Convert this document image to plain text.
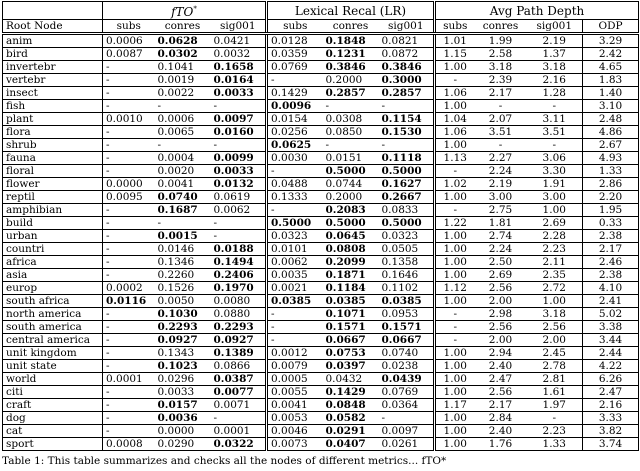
	fTO*			Lexical Recal (LR)			Avg Path Depth			
Root Node	subs	conres	sig001	subs	conres	sig001	subs	conres	sig001	ODP
anim	0.0006	0.0628	0.0421	0.0128	0.1848	0.0821	1.01	1.99	2.19	3.29
bird	0.0087	0.0302	0.0032	0.0359	0.1231	0.0872	1.15	2.58	1.37	2.42
invertebr	-	0.1041	0.1658	0.0769	0.3846	0.3846	1.00	3.18	3.18	4.65
vertebr	-	0.0019	0.0164	-	0.2000	0.3000	-	2.39	2.16	1.83
insect	-	0.0022	0.0033	0.1429	0.2857	0.2857	1.06	2.17	1.28	1.40
fish	-	-	-	0.0096	-	-	1.00	-	-	3.10
plant	0.0010	0.0006	0.0097	0.0154	0.0308	0.1154	1.04	2.07	3.11	2.48
flora	-	0.0065	0.0160	0.0256	0.0850	0.1530	1.06	3.51	3.51	4.86
shrub	-	-	-	0.0625	-	-	1.00	-	-	2.67
fauna	-	0.0004	0.0099	0.0030	0.0151	0.1118	1.13	2.27	3.06	4.93
floral	-	0.0020	0.0033	-	0.5000	0.5000	-	2.24	3.30	1.33
flower	0.0000	0.0041	0.0132	0.0488	0.0744	0.1627	1.02	2.19	1.91	2.86
reptil	0.0095	0.0740	0.0619	0.1333	0.2000	0.2667	1.00	3.00	3.00	2.20
amphibian	-	0.1687	0.0062	-	0.2083	0.0833	-	2.75	1.00	1.95
build	-	-	-	0.5000	0.5000	0.5000	1.22	1.81	2.69	0.33
urban	-	0.0015	-	0.0323	0.0645	0.0323	1.00	2.74	2.28	2.38
countri	-	0.0146	0.0188	0.0101	0.0808	0.0505	1.00	2.24	2.23	2.17
africa	-	0.1346	0.1494	0.0062	0.2099	0.1358	1.00	2.50	2.11	2.46
asia	-	0.2260	0.2406	0.0035	0.1871	0.1646	1.00	2.69	2.35	2.38
europ	0.0002	0.1526	0.1970	0.0021	0.1184	0.1102	1.12	2.56	2.72	4.10
south africa	0.0116	0.0050	0.0080	0.0385	0.0385	0.0385	1.00	2.00	1.00	2.41
north america	-	0.1030	0.0880	-	0.1071	0.0953	-	2.98	3.18	5.02
south america	-	0.2293	0.2293	-	0.1571	0.1571	-	2.56	2.56	3.38
central america	-	0.0927	0.0927	-	0.0667	0.0667	-	2.00	2.00	3.44
unit kingdom	-	0.1343	0.1389	0.0012	0.0753	0.0740	1.00	2.94	2.45	2.44
unit state	-	0.1023	0.0866	0.0079	0.0397	0.0238	1.00	2.40	2.78	4.22
world	0.0001	0.0296	0.0387	0.0005	0.0432	0.0439	1.00	2.47	2.81	6.26
citi	-	0.0033	0.0077	0.0055	0.1429	0.0769	1.00	2.56	1.61	2.47
craft	-	0.0157	0.0071	0.0041	0.0848	0.0364	1.17	2.17	1.97	2.16
dog	-	0.0036	-	0.0053	0.0582	-	1.00	2.84	-	3.33
cat	-	0.0000	0.0001	0.0046	0.0291	0.0097	1.00	2.40	2.23	3.82
sport	0.0008	0.0290	0.0322	0.0073	0.0407	0.0261	1.00	1.76	1.33	3.74
Table 1: This table summarizes and checks all the nodes of different metrics... fTO*
